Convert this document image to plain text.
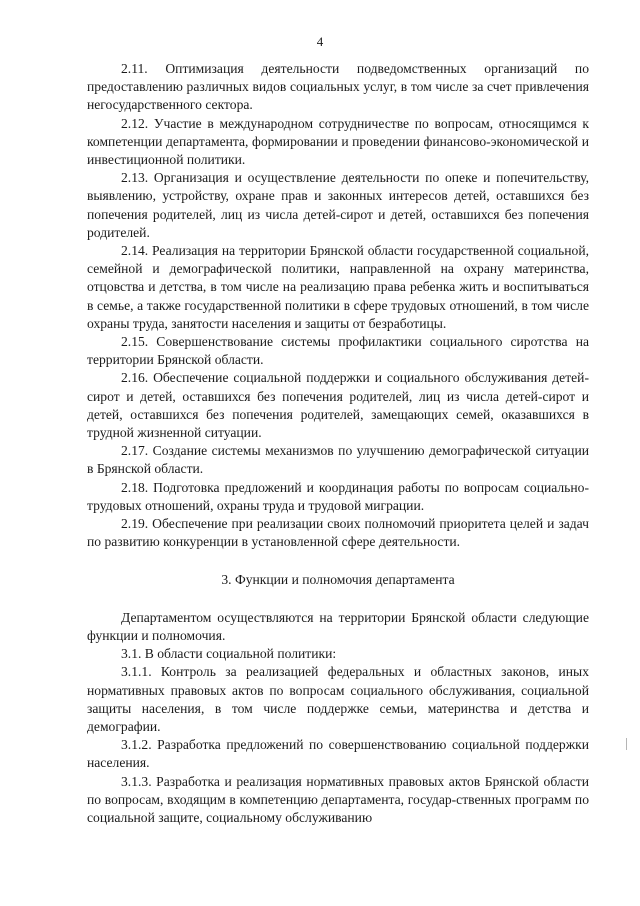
4

2.11. Оптимизация деятельности подведомственных организаций по предоставлению различных видов социальных услуг, в том числе за счет привлечения негосударственного сектора.

2.12. Участие в международном сотрудничестве по вопросам, относящимся к компетенции департамента, формировании и проведении финансово-экономической и инвестиционной политики.

2.13. Организация и осуществление деятельности по опеке и попечительству, выявлению, устройству, охране прав и законных интересов детей, оставшихся без попечения родителей, лиц из числа детей-сирот и детей, оставшихся без попечения родителей.

2.14. Реализация на территории Брянской области государственной социальной, семейной и демографической политики, направленной на охрану материнства, отцовства и детства, в том числе на реализацию права ребенка жить и воспитываться в семье, а также государственной политики в сфере трудовых отношений, в том числе охраны труда, занятости населения и защиты от безработицы.

2.15. Совершенствование системы профилактики социального сиротства на территории Брянской области.

2.16. Обеспечение социальной поддержки и социального обслуживания детей-сирот и детей, оставшихся без попечения родителей, лиц из числа детей-сирот и детей, оставшихся без попечения родителей, замещающих семей, оказавшихся в трудной жизненной ситуации.

2.17. Создание системы механизмов по улучшению демографической ситуации в Брянской области.

2.18. Подготовка предложений и координация работы по вопросам социально-трудовых отношений, охраны труда и трудовой миграции.

2.19. Обеспечение при реализации своих полномочий приоритета целей и задач по развитию конкуренции в установленной сфере деятельности.

3. Функции и полномочия департамента

Департаментом осуществляются на территории Брянской области следующие функции и полномочия.

3.1. В области социальной политики:

3.1.1. Контроль за реализацией федеральных и областных законов, иных нормативных правовых актов по вопросам социального обслуживания, социальной защиты населения, в том числе поддержке семьи, материнства и детства и демографии.

3.1.2. Разработка предложений по совершенствованию социальной поддержки населения.

3.1.3. Разработка и реализация нормативных правовых актов Брянской области по вопросам, входящим в компетенцию департамента, государ-ственных программ по социальной защите, социальному обслуживанию
